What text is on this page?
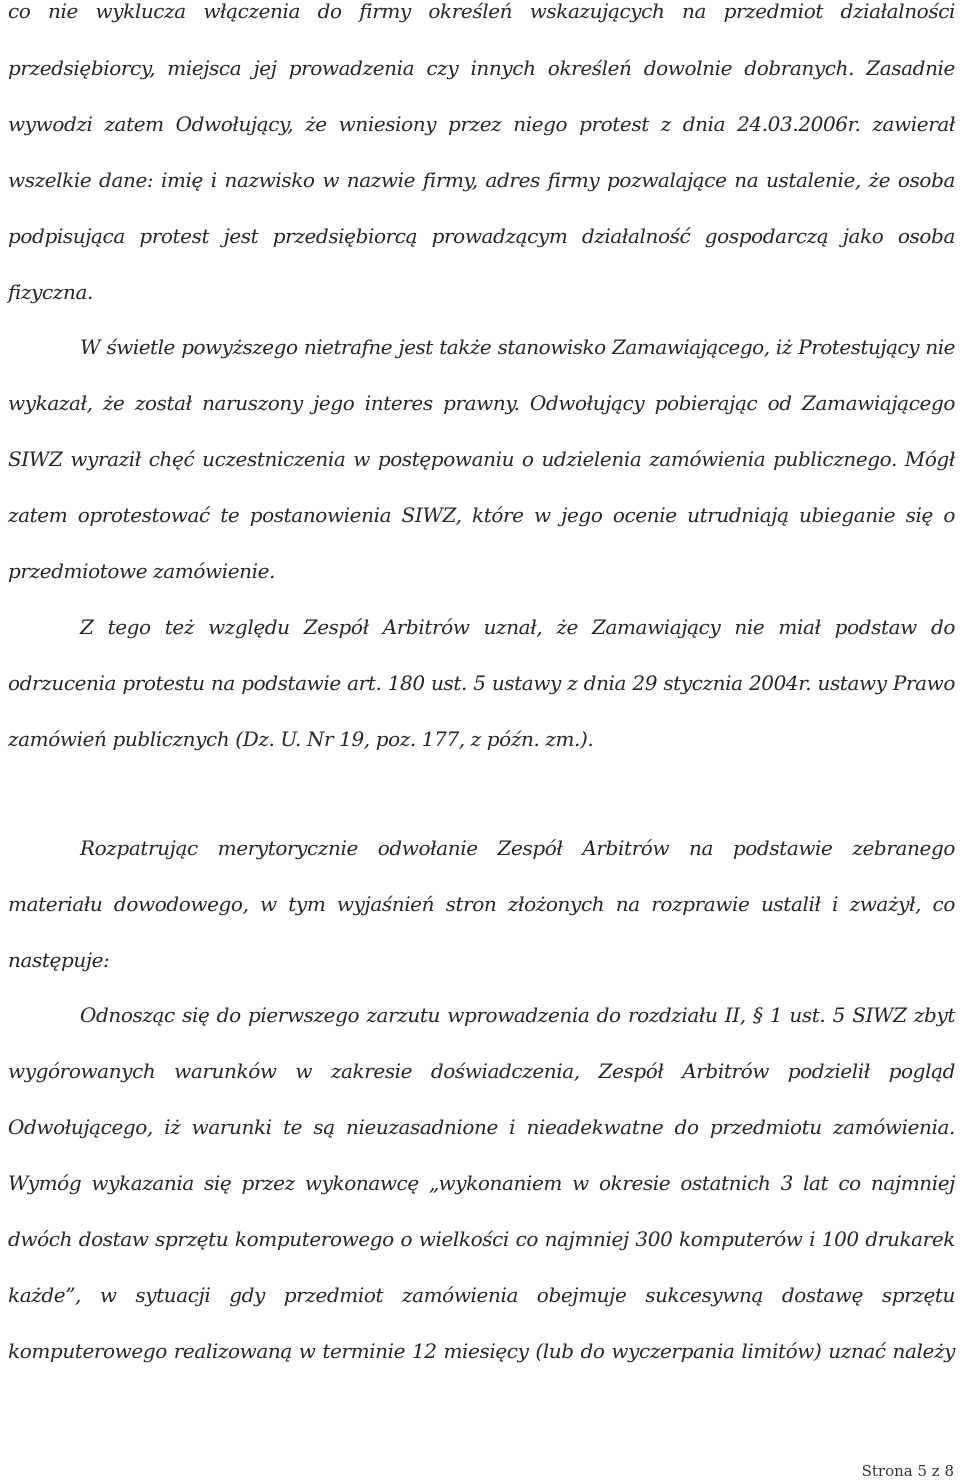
co nie wyklucza włączenia do firmy określeń wskazujących na przedmiot działalności
przedsiębiorcy, miejsca jej prowadzenia czy innych określeń dowolnie dobranych. Zasadnie
wywodzi zatem Odwołujący, że wniesiony przez niego protest z dnia 24.03.2006r. zawierał
wszelkie dane: imię i nazwisko w nazwie firmy, adres firmy pozwalające na ustalenie, że osoba
podpisująca protest jest przedsiębiorcą prowadzącym działalność gospodarczą jako osoba
fizyczna.
W świetle powyższego nietrafne jest także stanowisko Zamawiającego, iż Protestujący nie
wykazał, że został naruszony jego interes prawny. Odwołujący pobierając od Zamawiającego
SIWZ wyraził chęć uczestniczenia w postępowaniu o udzielenia zamówienia publicznego. Mógł
zatem oprotestować te postanowienia SIWZ, które w jego ocenie utrudniają ubieganie się o
przedmiotowe zamówienie.
Z tego też względu Zespół Arbitrów uznał, że Zamawiający nie miał podstaw do
odrzucenia protestu na podstawie art. 180 ust. 5 ustawy z dnia 29 stycznia 2004r. ustawy Prawo
zamówień publicznych (Dz. U. Nr 19, poz. 177, z późn. zm.).
Rozpatrując merytorycznie odwołanie Zespół Arbitrów na podstawie zebranego
materiału dowodowego, w tym wyjaśnień stron złożonych na rozprawie ustalił i zważył, co
następuje:
Odnosząc się do pierwszego zarzutu wprowadzenia do rozdziału II, § 1 ust. 5 SIWZ zbyt
wygórowanych warunków w zakresie doświadczenia, Zespół Arbitrów podzielił pogląd
Odwołującego, iż warunki te są nieuzasadnione i nieadekwatne do przedmiotu zamówienia.
Wymóg wykazania się przez wykonawcę „wykonaniem w okresie ostatnich 3 lat co najmniej
dwóch dostaw sprzętu komputerowego o wielkości co najmniej 300 komputerów i 100 drukarek
każde”, w sytuacji gdy przedmiot zamówienia obejmuje sukcesywną dostawę sprzętu
komputerowego realizowaną w terminie 12 miesięcy (lub do wyczerpania limitów) uznać należy
Strona 5 z 8
